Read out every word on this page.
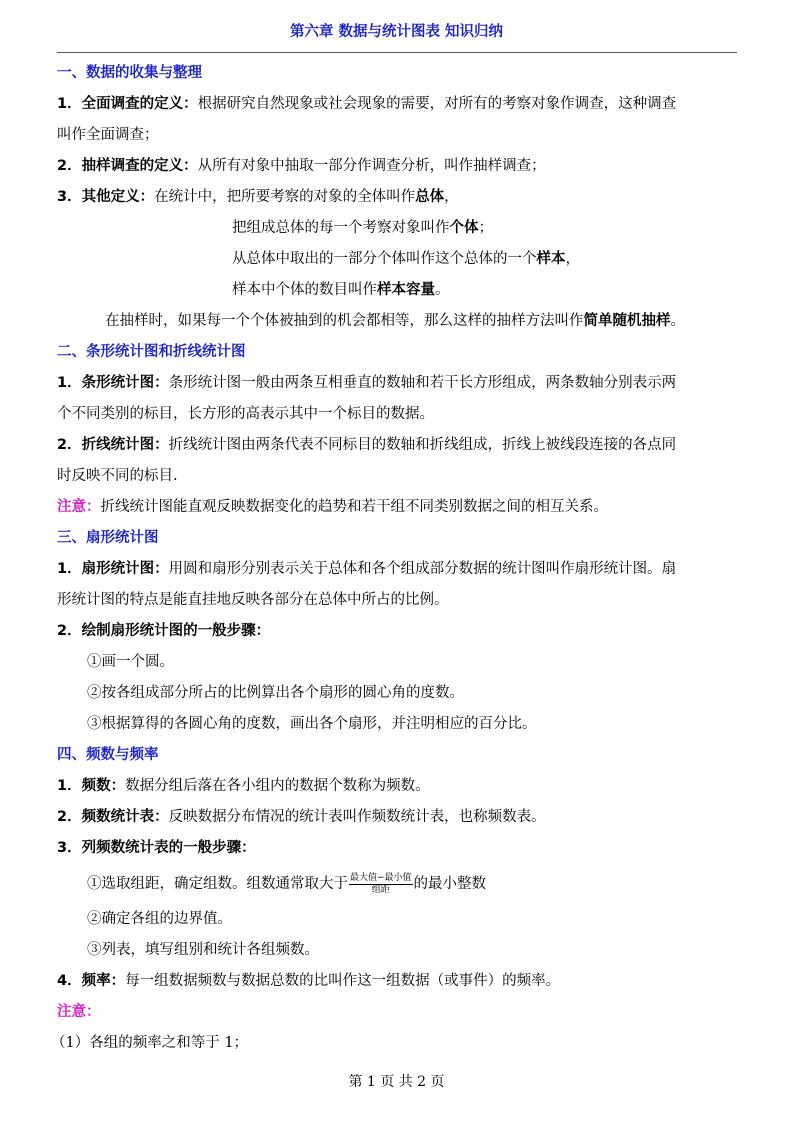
第六章 数据与统计图表 知识归纳
一、数据的收集与整理
1．全面调查的定义：根据研究自然现象或社会现象的需要，对所有的考察对象作调查，这种调查
叫作全面调查；
2．抽样调查的定义：从所有对象中抽取一部分作调查分析，叫作抽样调查；
3．其他定义：在统计中，把所要考察的对象的全体叫作总体，
把组成总体的每一个考察对象叫作个体；
从总体中取出的一部分个体叫作这个总体的一个样本，
样本中个体的数目叫作样本容量。
在抽样时，如果每一个个体被抽到的机会都相等，那么这样的抽样方法叫作简单随机抽样。
二、条形统计图和折线统计图
1．条形统计图：条形统计图一般由两条互相垂直的数轴和若干长方形组成，两条数轴分别表示两
个不同类别的标目，长方形的高表示其中一个标目的数据。
2．折线统计图：折线统计图由两条代表不同标目的数轴和折线组成，折线上被线段连接的各点同
时反映不同的标目.
注意：折线统计图能直观反映数据变化的趋势和若干组不同类别数据之间的相互关系。
三、扇形统计图
1．扇形统计图：用圆和扇形分别表示关于总体和各个组成部分数据的统计图叫作扇形统计图。扇
形统计图的特点是能直挂地反映各部分在总体中所占的比例。
2．绘制扇形统计图的一般步骤：
①画一个圆。
②按各组成部分所占的比例算出各个扇形的圆心角的度数。
③根据算得的各圆心角的度数，画出各个扇形，并注明相应的百分比。
四、频数与频率
1．频数：数据分组后落在各小组内的数据个数称为频数。
2．频数统计表：反映数据分布情况的统计表叫作频数统计表，也称频数表。
3．列频数统计表的一般步骤：
①选取组距，确定组数。组数通常取大于 $\frac{\text{最大值−最小值}}{\text{组距}}$ 的最小整数
②确定各组的边界值。
③列表，填写组别和统计各组频数。
4．频率：每一组数据频数与数据总数的比叫作这一组数据（或事件）的频率。
注意：
（1）各组的频率之和等于 1；
第 1 页 共 2 页
